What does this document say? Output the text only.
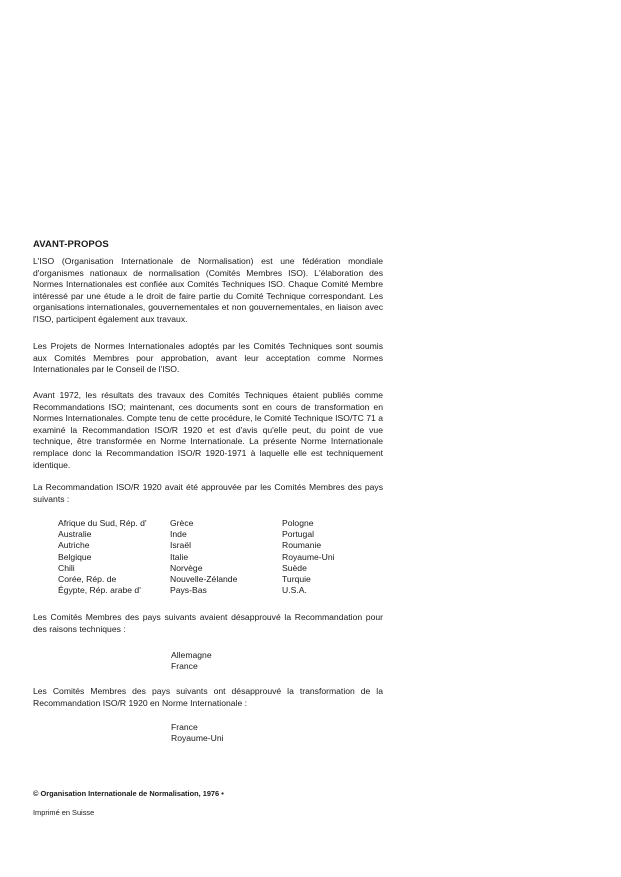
AVANT-PROPOS
L'ISO (Organisation Internationale de Normalisation) est une fédération mondiale d'organismes nationaux de normalisation (Comités Membres ISO). L'élaboration des Normes Internationales est confiée aux Comités Techniques ISO. Chaque Comité Membre intéressé par une étude a le droit de faire partie du Comité Technique correspondant. Les organisations internationales, gouvernementales et non gouvernementales, en liaison avec l'ISO, participent également aux travaux.
Les Projets de Normes Internationales adoptés par les Comités Techniques sont soumis aux Comités Membres pour approbation, avant leur acceptation comme Normes Internationales par le Conseil de l'ISO.
Avant 1972, les résultats des travaux des Comités Techniques étaient publiés comme Recommandations ISO; maintenant, ces documents sont en cours de transformation en Normes Internationales. Compte tenu de cette procédure, le Comité Technique ISO/TC 71 a examiné la Recommandation ISO/R 1920 et est d'avis qu'elle peut, du point de vue technique, être transformée en Norme Internationale. La présente Norme Internationale remplace donc la Recommandation ISO/R 1920-1971 à laquelle elle est techniquement identique.
La Recommandation ISO/R 1920 avait été approuvée par les Comités Membres des pays suivants :
Afrique du Sud, Rép. d'
Australie
Autriche
Belgique
Chili
Corée, Rép. de
Égypte, Rép. arabe d'
Grèce
Inde
Israël
Italie
Norvège
Nouvelle-Zélande
Pays-Bas
Pologne
Portugal
Roumanie
Royaume-Uni
Suède
Turquie
U.S.A.
Les Comités Membres des pays suivants avaient désapprouvé la Recommandation pour des raisons techniques :
Allemagne
France
Les Comités Membres des pays suivants ont désapprouvé la transformation de la Recommandation ISO/R 1920 en Norme Internationale :
France
Royaume-Uni
© Organisation Internationale de Normalisation, 1976 •
Imprimé en Suisse
